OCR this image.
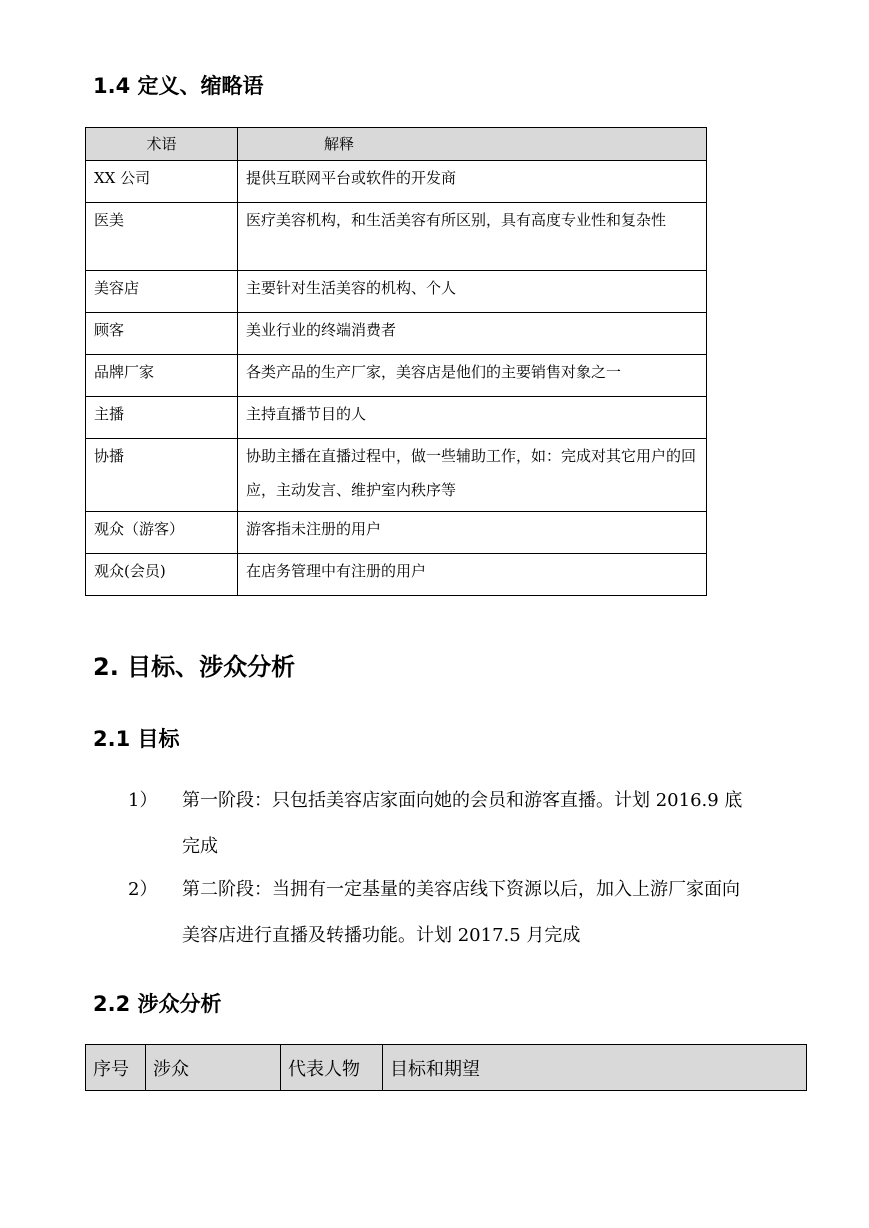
1.4 定义、缩略语
术语	解释
XX 公司	提供互联网平台或软件的开发商
医美	医疗美容机构，和生活美容有所区别，具有高度专业性和复杂性
美容店	主要针对生活美容的机构、个人
顾客	美业行业的终端消费者
品牌厂家	各类产品的生产厂家，美容店是他们的主要销售对象之一
主播	主持直播节目的人
协播	协助主播在直播过程中，做一些辅助工作，如：完成对其它用户的回应，主动发言、维护室内秩序等
观众（游客）	游客指未注册的用户
观众(会员)	在店务管理中有注册的用户
2. 目标、涉众分析
2.1 目标
1） 第一阶段：只包括美容店家面向她的会员和游客直播。计划 2016.9 底完成
2） 第二阶段：当拥有一定基量的美容店线下资源以后，加入上游厂家面向美容店进行直播及转播功能。计划 2017.5 月完成
2.2 涉众分析
序号	涉众	代表人物	目标和期望
